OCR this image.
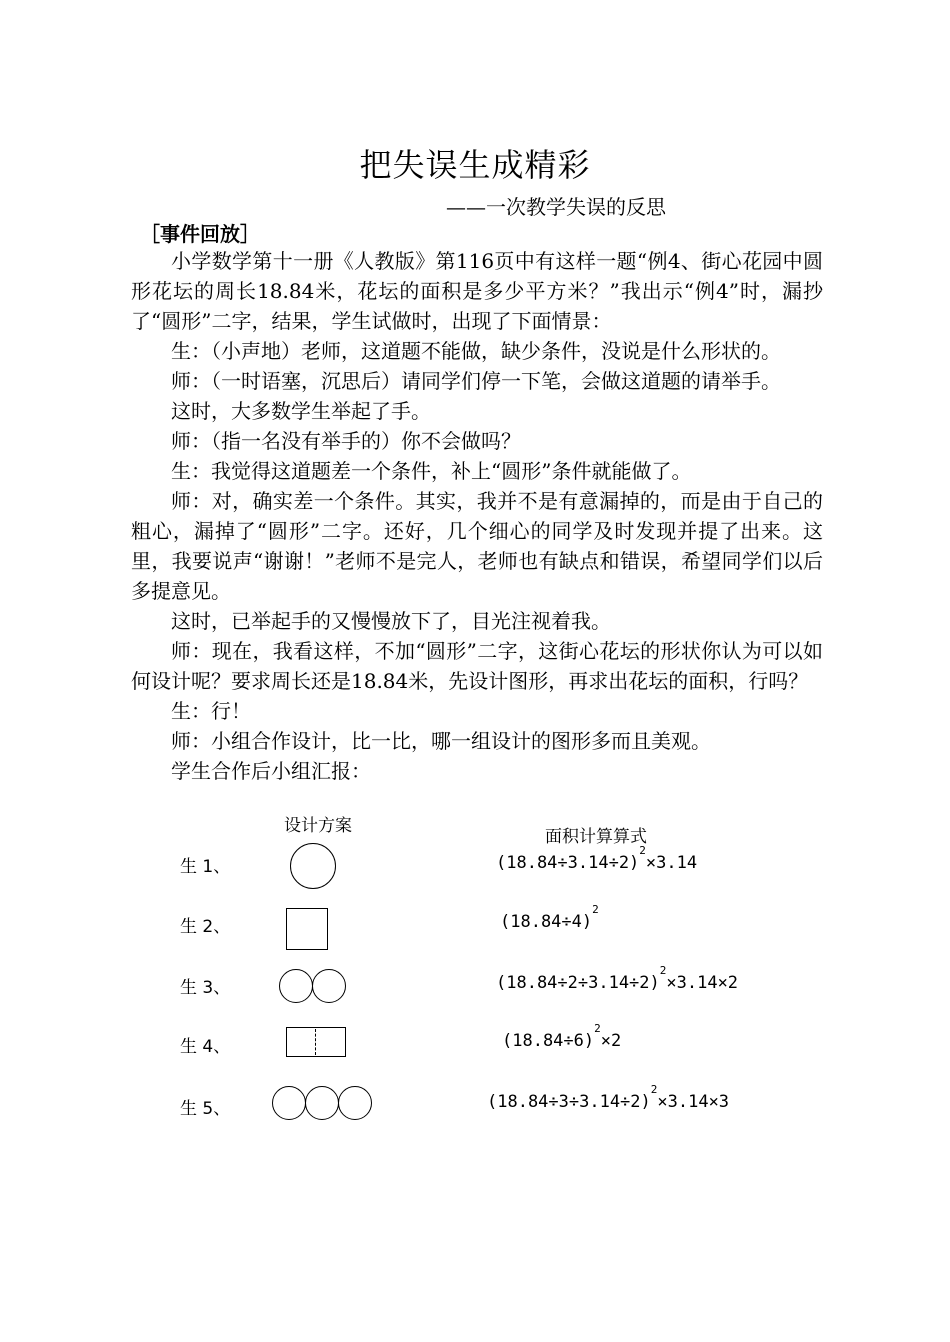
把失误生成精彩
——一次教学失误的反思
［事件回放］

小学数学第十一册《人教版》第116页中有这样一题“例4、街心花园中圆形花坛的周长18.84米，花坛的面积是多少平方米？”我出示“例4”时，漏抄了“圆形”二字，结果，学生试做时，出现了下面情景：

生：（小声地）老师，这道题不能做，缺少条件，没说是什么形状的。

师：（一时语塞，沉思后）请同学们停一下笔，会做这道题的请举手。

这时，大多数学生举起了手。

师：（指一名没有举手的）你不会做吗？

生：我觉得这道题差一个条件，补上“圆形”条件就能做了。

师：对，确实差一个条件。其实，我并不是有意漏掉的，而是由于自己的粗心，漏掉了“圆形”二字。还好，几个细心的同学及时发现并提了出来。这里，我要说声“谢谢！”老师不是完人，老师也有缺点和错误，希望同学们以后多提意见。

这时，已举起手的又慢慢放下了，目光注视着我。

师：现在，我看这样，不加“圆形”二字，这街心花坛的形状你认为可以如何设计呢？要求周长还是18.84米，先设计图形，再求出花坛的面积，行吗？

生：行！

师：小组合作设计，比一比，哪一组设计的图形多而且美观。

学生合作后小组汇报：

设计方案
面积计算算式
生 1、	$(18.84\div 3.14\div 2)^2\times 3.14$
生 2、	$(18.84\div 4)^2$
生 3、	$(18.84\div 2\div 3.14\div 2)^2\times 3.14\times 2$
生 4、	$(18.84\div 6)^2\times 2$
生 5、	$(18.84\div 3\div 3.14\div 2)^2\times 3.14\times 3$
